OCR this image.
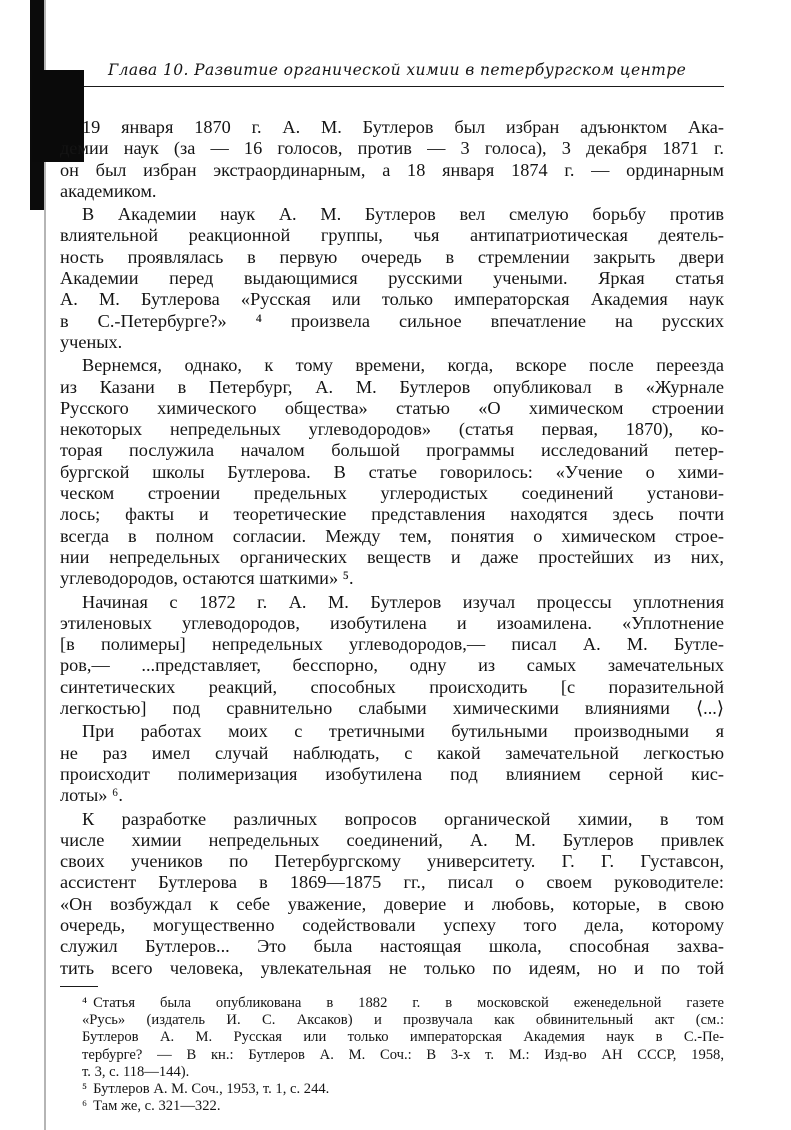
Глава 10. Развитие органической химии в петербургском центре

19 января 1870 г. А. М. Бутлеров был избран адъюнктом Ака-
демии наук (за — 16 голосов, против — 3 голоса), 3 декабря 1871 г.
он был избран экстраординарным, а 18 января 1874 г. — ординарным
академиком.

В Академии наук А. М. Бутлеров вел смелую борьбу против
влиятельной реакционной группы, чья антипатриотическая деятель-
ность проявлялась в первую очередь в стремлении закрыть двери
Академии перед выдающимися русскими учеными. Яркая статья
А. М. Бутлерова «Русская или только императорская Академия наук
в С.-Петербурге?» ⁴ произвела сильное впечатление на русских
ученых.

Вернемся, однако, к тому времени, когда, вскоре после переезда
из Казани в Петербург, А. М. Бутлеров опубликовал в «Журнале
Русского химического общества» статью «О химическом строении
некоторых непредельных углеводородов» (статья первая, 1870), ко-
торая послужила началом большой программы исследований петер-
бургской школы Бутлерова. В статье говорилось: «Учение о хими-
ческом строении предельных углеродистых соединений установи-
лось; факты и теоретические представления находятся здесь почти
всегда в полном согласии. Между тем, понятия о химическом строе-
нии непредельных органических веществ и даже простейших из них,
углеводородов, остаются шаткими» ⁵.

Начиная с 1872 г. А. М. Бутлеров изучал процессы уплотнения
этиленовых углеводородов, изобутилена и изоамилена. «Уплотнение
[в полимеры] непредельных углеводородов,— писал А. М. Бутле-
ров,— ...представляет, бесспорно, одну из самых замечательных
синтетических реакций, способных происходить [с поразительной
легкостью] под сравнительно слабыми химическими влияниями ⟨...⟩

При работах моих с третичными бутильными производными я
не раз имел случай наблюдать, с какой замечательной легкостью
происходит полимеризация изобутилена под влиянием серной кис-
лоты» ⁶.

К разработке различных вопросов органической химии, в том
числе химии непредельных соединений, А. М. Бутлеров привлек
своих учеников по Петербургскому университету. Г. Г. Густавсон,
ассистент Бутлерова в 1869—1875 гг., писал о своем руководителе:
«Он возбуждал к себе уважение, доверие и любовь, которые, в свою
очередь, могущественно содействовали успеху того дела, которому
служил Бутлеров... Это была настоящая школа, способная захва-
тить всего человека, увлекательная не только по идеям, но и по той

⁴ Статья была опубликована в 1882 г. в московской еженедельной газете
«Русь» (издатель И. С. Аксаков) и прозвучала как обвинительный акт (см.:
Бутлеров А. М. Русская или только императорская Академия наук в С.-Пе-
тербурге? — В кн.: Бутлеров А. М. Соч.: В 3-х т. М.: Изд-во АН СССР, 1958,
т. 3, с. 118—144).
⁵ Бутлеров А. М. Соч., 1953, т. 1, с. 244.
⁶ Там же, с. 321—322.
